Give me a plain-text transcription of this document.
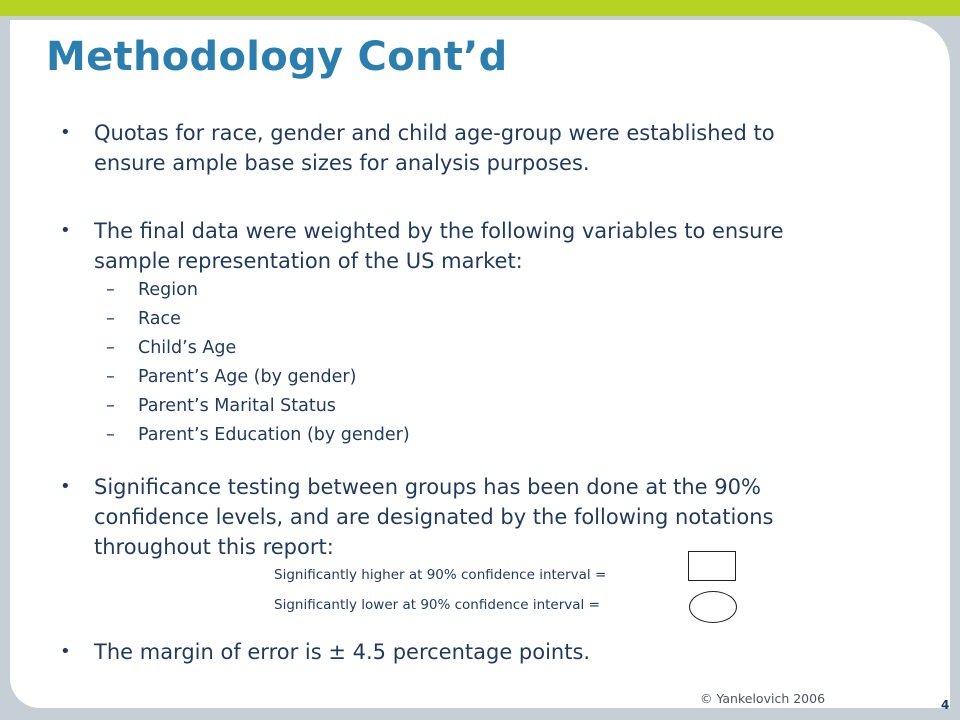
Methodology Cont’d
• Quotas for race, gender and child age-group were established to
ensure ample base sizes for analysis purposes.
• The final data were weighted by the following variables to ensure
sample representation of the US market:
– Region
– Race
– Child’s Age
– Parent’s Age (by gender)
– Parent’s Marital Status
– Parent’s Education (by gender)
• Significance testing between groups has been done at the 90%
confidence levels, and are designated by the following notations
throughout this report:
Significantly higher at 90% confidence interval =
Significantly lower at 90% confidence interval =
• The margin of error is ± 4.5 percentage points.
© Yankelovich 2006	4
